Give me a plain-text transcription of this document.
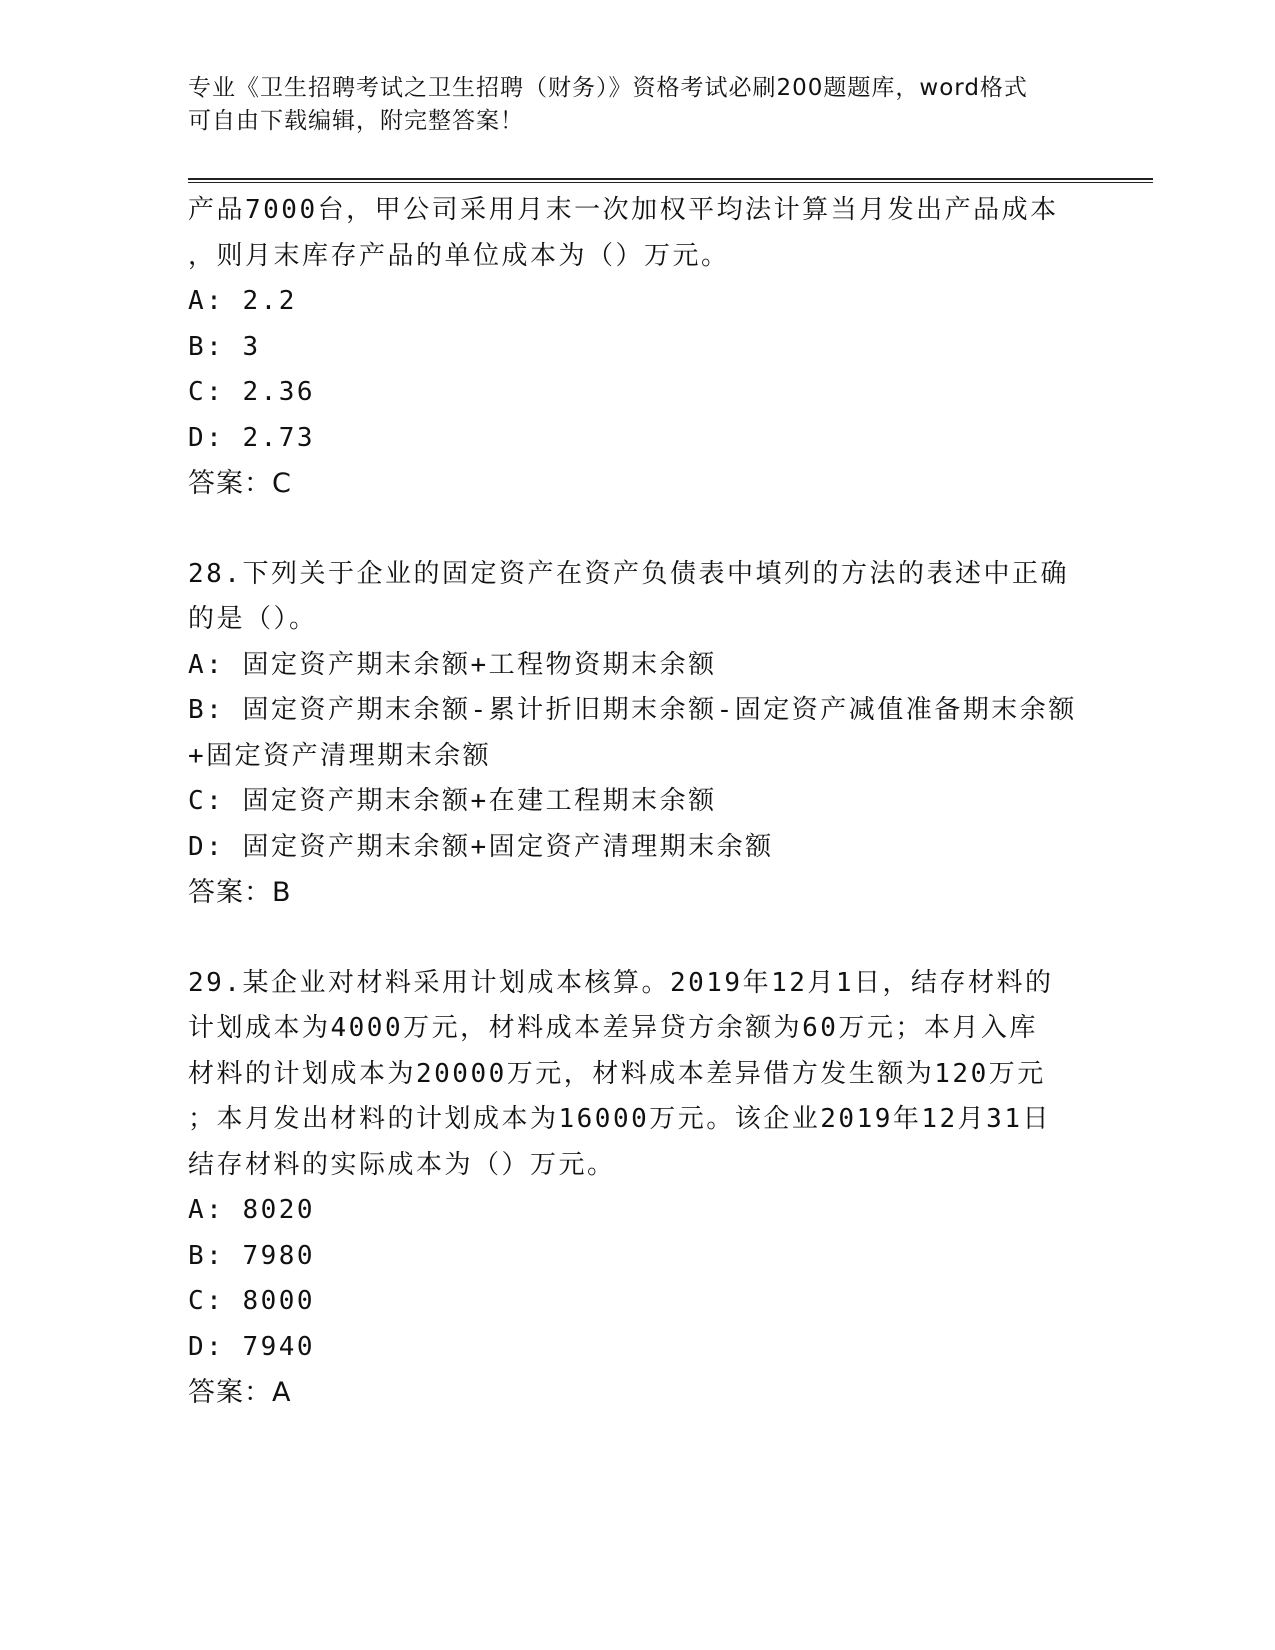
专业《卫生招聘考试之卫生招聘（财务）》资格考试必刷200题题库，word格式
可自由下载编辑，附完整答案！
产品7000台，甲公司采用月末一次加权平均法计算当月发出产品成本
，则月末库存产品的单位成本为（）万元。
A: 2.2
B: 3
C: 2.36
D: 2.73
答案：C
28.下列关于企业的固定资产在资产负债表中填列的方法的表述中正确
的是（）。
A: 固定资产期末余额+工程物资期末余额
B: 固定资产期末余额-累计折旧期末余额-固定资产减值准备期末余额
+固定资产清理期末余额
C: 固定资产期末余额+在建工程期末余额
D: 固定资产期末余额+固定资产清理期末余额
答案：B
29.某企业对材料采用计划成本核算。2019年12月1日，结存材料的
计划成本为4000万元，材料成本差异贷方余额为60万元；本月入库
材料的计划成本为20000万元，材料成本差异借方发生额为120万元
；本月发出材料的计划成本为16000万元。该企业2019年12月31日
结存材料的实际成本为（）万元。
A: 8020
B: 7980
C: 8000
D: 7940
答案：A
